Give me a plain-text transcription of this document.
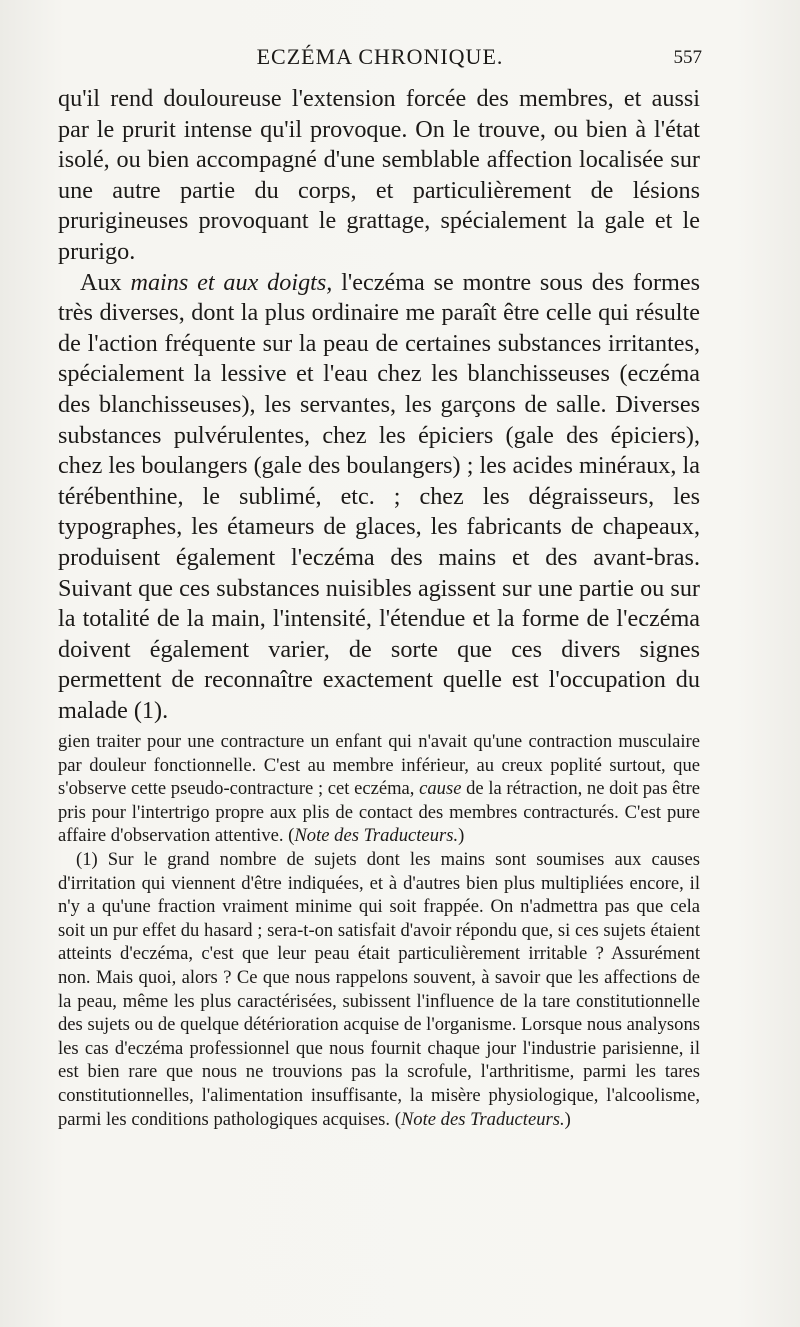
ECZÉMA CHRONIQUE.	557

qu'il rend douloureuse l'extension forcée des membres, et aussi par le prurit intense qu'il provoque. On le trouve, ou bien à l'état isolé, ou bien accompagné d'une semblable affection localisée sur une autre partie du corps, et particulièrement de lésions prurigineuses provoquant le grattage, spécialement la gale et le prurigo.

Aux mains et aux doigts, l'eczéma se montre sous des formes très diverses, dont la plus ordinaire me paraît être celle qui résulte de l'action fréquente sur la peau de certaines substances irritantes, spécialement la lessive et l'eau chez les blanchisseuses (eczéma des blanchisseuses), les servantes, les garçons de salle. Diverses substances pulvérulentes, chez les épiciers (gale des épiciers), chez les boulangers (gale des boulangers) ; les acides minéraux, la térébenthine, le sublimé, etc. ; chez les dégraisseurs, les typographes, les étameurs de glaces, les fabricants de chapeaux, produisent également l'eczéma des mains et des avant-bras. Suivant que ces substances nuisibles agissent sur une partie ou sur la totalité de la main, l'intensité, l'étendue et la forme de l'eczéma doivent également varier, de sorte que ces divers signes permettent de reconnaître exactement quelle est l'occupation du malade (1).

gien traiter pour une contracture un enfant qui n'avait qu'une contraction musculaire par douleur fonctionnelle. C'est au membre inférieur, au creux poplité surtout, que s'observe cette pseudo-contracture ; cet eczéma, cause de la rétraction, ne doit pas être pris pour l'intertrigo propre aux plis de contact des membres contracturés. C'est pure affaire d'observation attentive. (Note des Traducteurs.)

(1) Sur le grand nombre de sujets dont les mains sont soumises aux causes d'irritation qui viennent d'être indiquées, et à d'autres bien plus multipliées encore, il n'y a qu'une fraction vraiment minime qui soit frappée. On n'admettra pas que cela soit un pur effet du hasard ; sera-t-on satisfait d'avoir répondu que, si ces sujets étaient atteints d'eczéma, c'est que leur peau était particulièrement irritable ? Assurément non. Mais quoi, alors ? Ce que nous rappelons souvent, à savoir que les affections de la peau, même les plus caractérisées, subissent l'influence de la tare constitutionnelle des sujets ou de quelque détérioration acquise de l'organisme. Lorsque nous analysons les cas d'eczéma professionnel que nous fournit chaque jour l'industrie parisienne, il est bien rare que nous ne trouvions pas la scrofule, l'arthritisme, parmi les tares constitutionnelles, l'alimentation insuffisante, la misère physiologique, l'alcoolisme, parmi les conditions pathologiques acquises. (Note des Traducteurs.)
